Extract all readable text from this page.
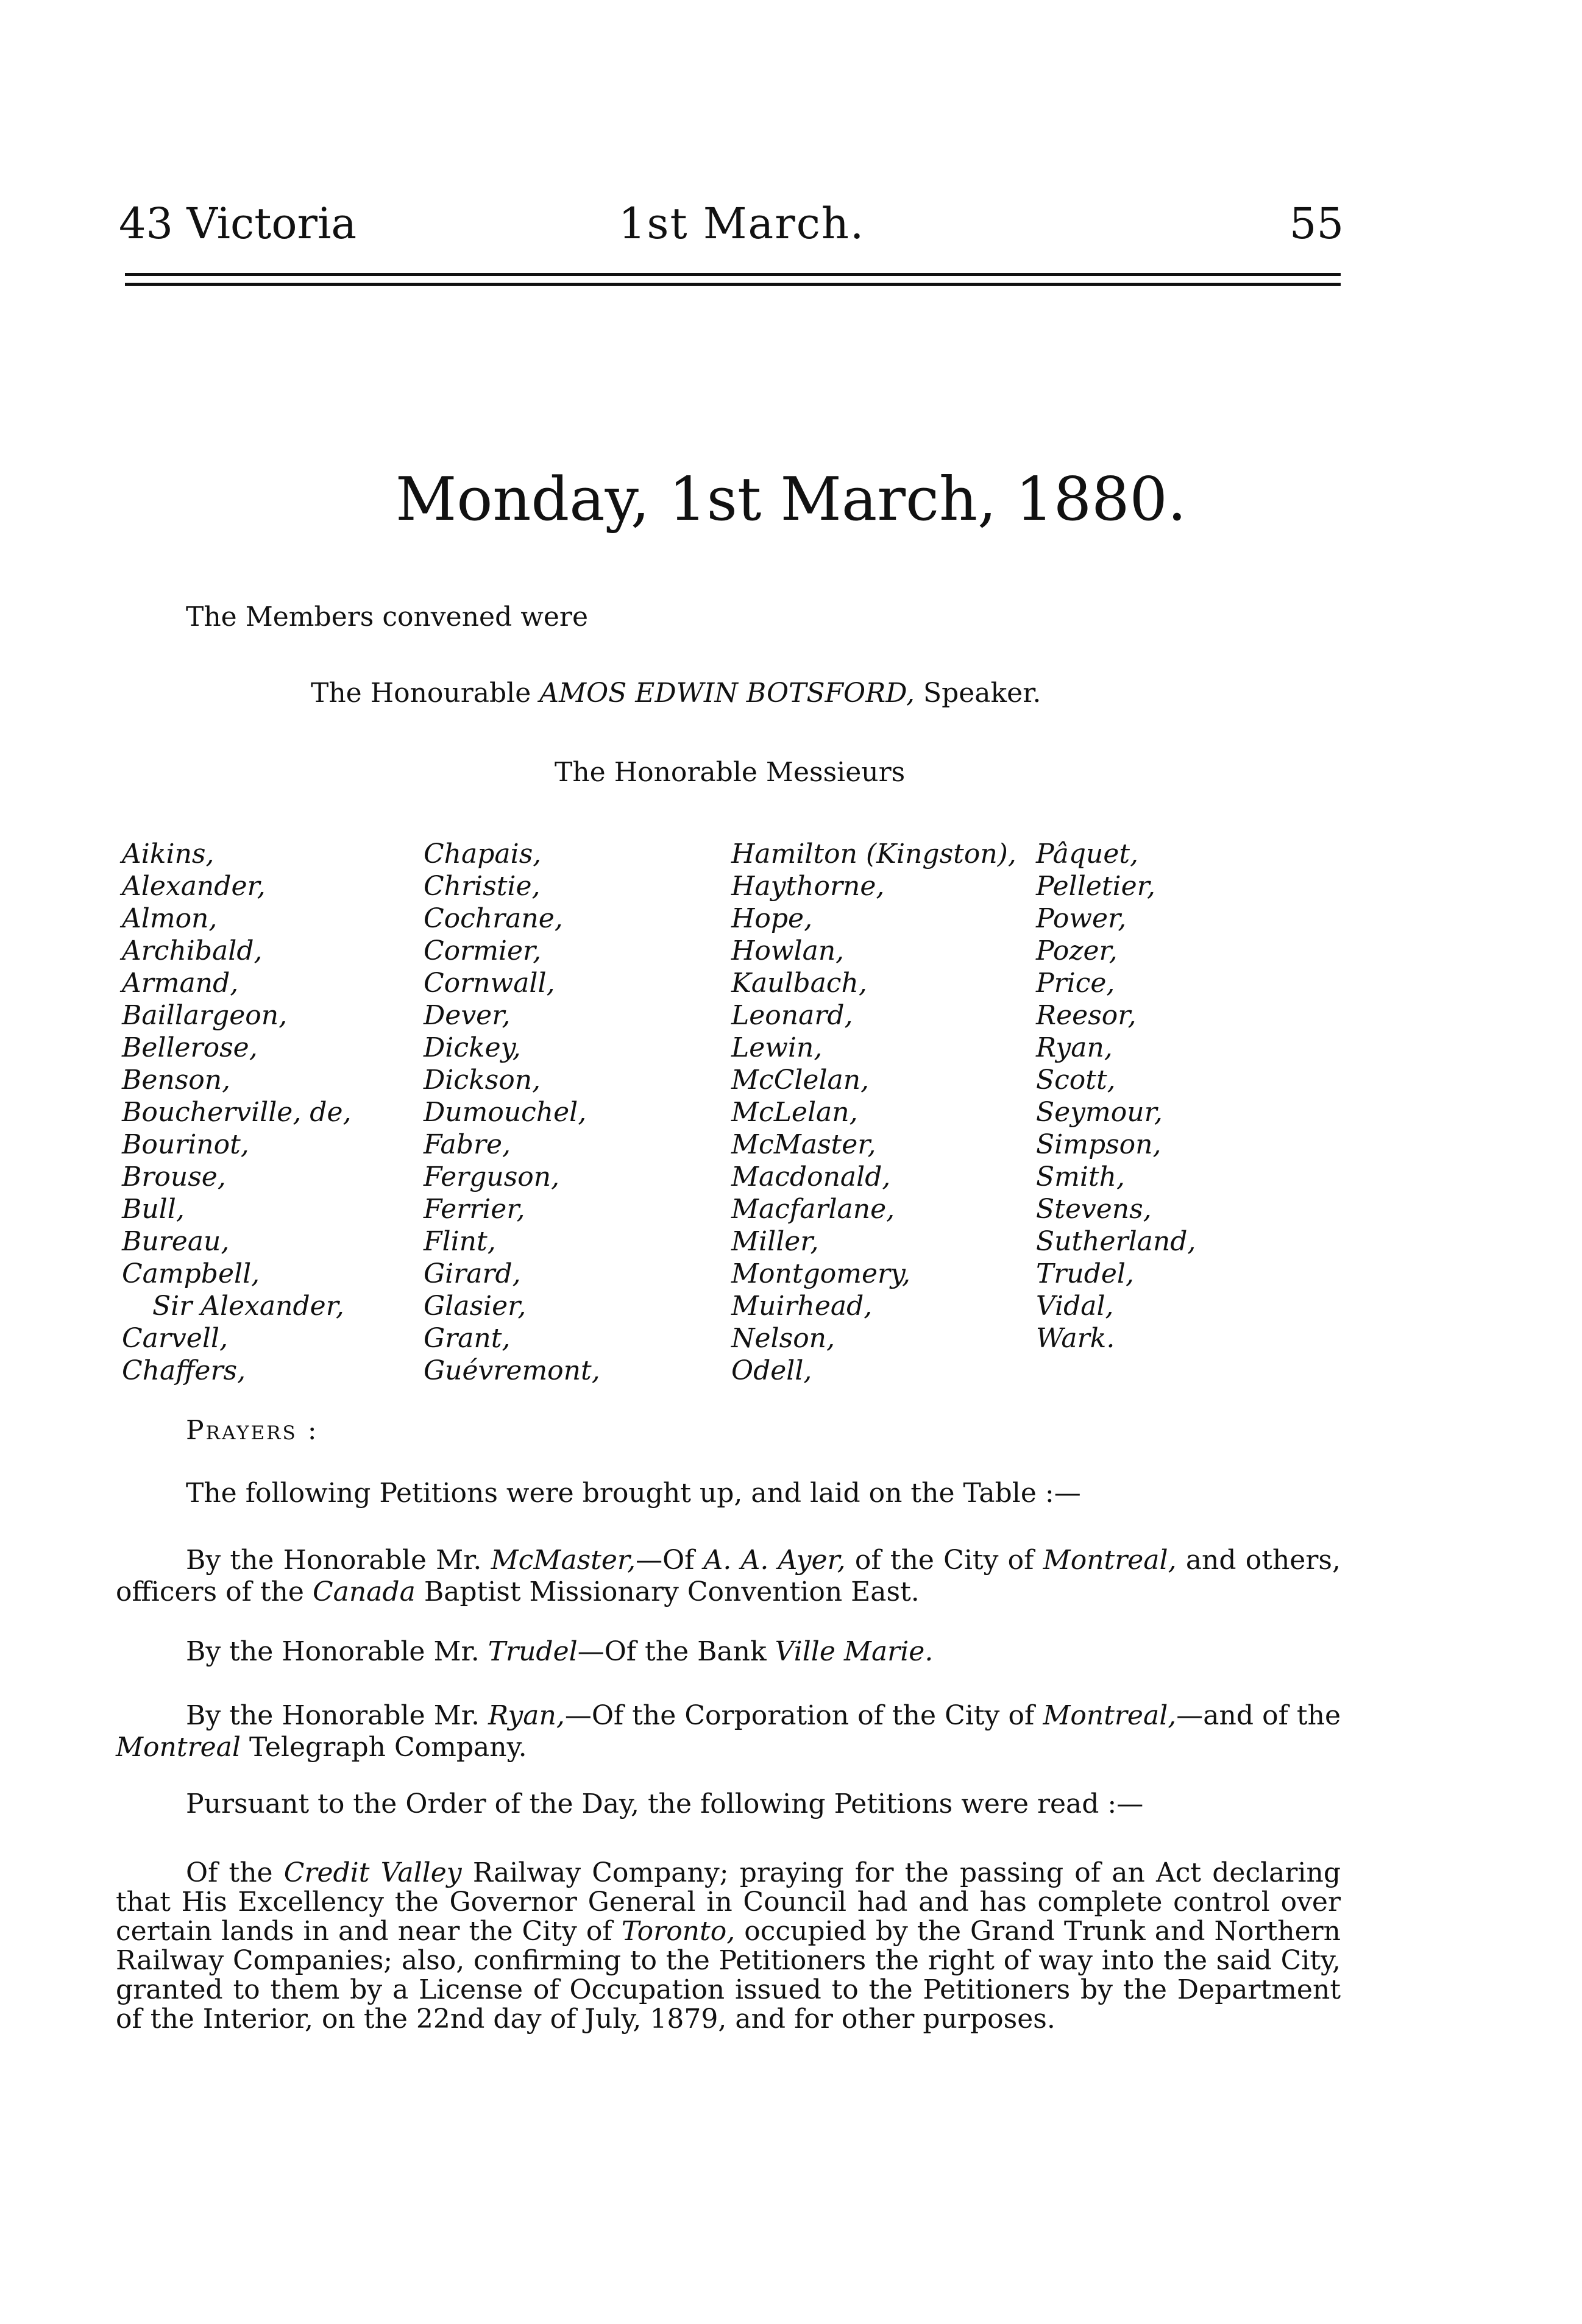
43 Victoria	1st March.	55
Monday, 1st March, 1880.
The Members convened were
The Honourable AMOS EDWIN BOTSFORD, Speaker.
The Honorable Messieurs
Aikins,
Alexander,
Almon,
Archibald,
Armand,
Baillargeon,
Bellerose,
Benson,
Boucherville, de,
Bourinot,
Brouse,
Bull,
Bureau,
Campbell,
Sir Alexander,
Carvell,
Chaffers,
Chapais,
Christie,
Cochrane,
Cormier,
Cornwall,
Dever,
Dickey,
Dickson,
Dumouchel,
Fabre,
Ferguson,
Ferrier,
Flint,
Girard,
Glasier,
Grant,
Guévremont,
Hamilton (Kingston),
Haythorne,
Hope,
Howlan,
Kaulbach,
Leonard,
Lewin,
McClelan,
McLelan,
McMaster,
Macdonald,
Macfarlane,
Miller,
Montgomery,
Muirhead,
Nelson,
Odell,
Pâquet,
Pelletier,
Power,
Pozer,
Price,
Reesor,
Ryan,
Scott,
Seymour,
Simpson,
Smith,
Stevens,
Sutherland,
Trudel,
Vidal,
Wark.
Prayers :
The following Petitions were brought up, and laid on the Table :—
By the Honorable Mr. McMaster,—Of A. A. Ayer, of the City of Montreal, and others, officers of the Canada Baptist Missionary Convention East.
By the Honorable Mr. Trudel—Of the Bank Ville Marie.
By the Honorable Mr. Ryan,—Of the Corporation of the City of Montreal,—and of the Montreal Telegraph Company.
Pursuant to the Order of the Day, the following Petitions were read :—
Of the Credit Valley Railway Company; praying for the passing of an Act declaring that His Excellency the Governor General in Council had and has complete control over certain lands in and near the City of Toronto, occupied by the Grand Trunk and Northern Railway Companies; also, confirming to the Petitioners the right of way into the said City, granted to them by a License of Occupation issued to the Petitioners by the Department of the Interior, on the 22nd day of July, 1879, and for other purposes.
